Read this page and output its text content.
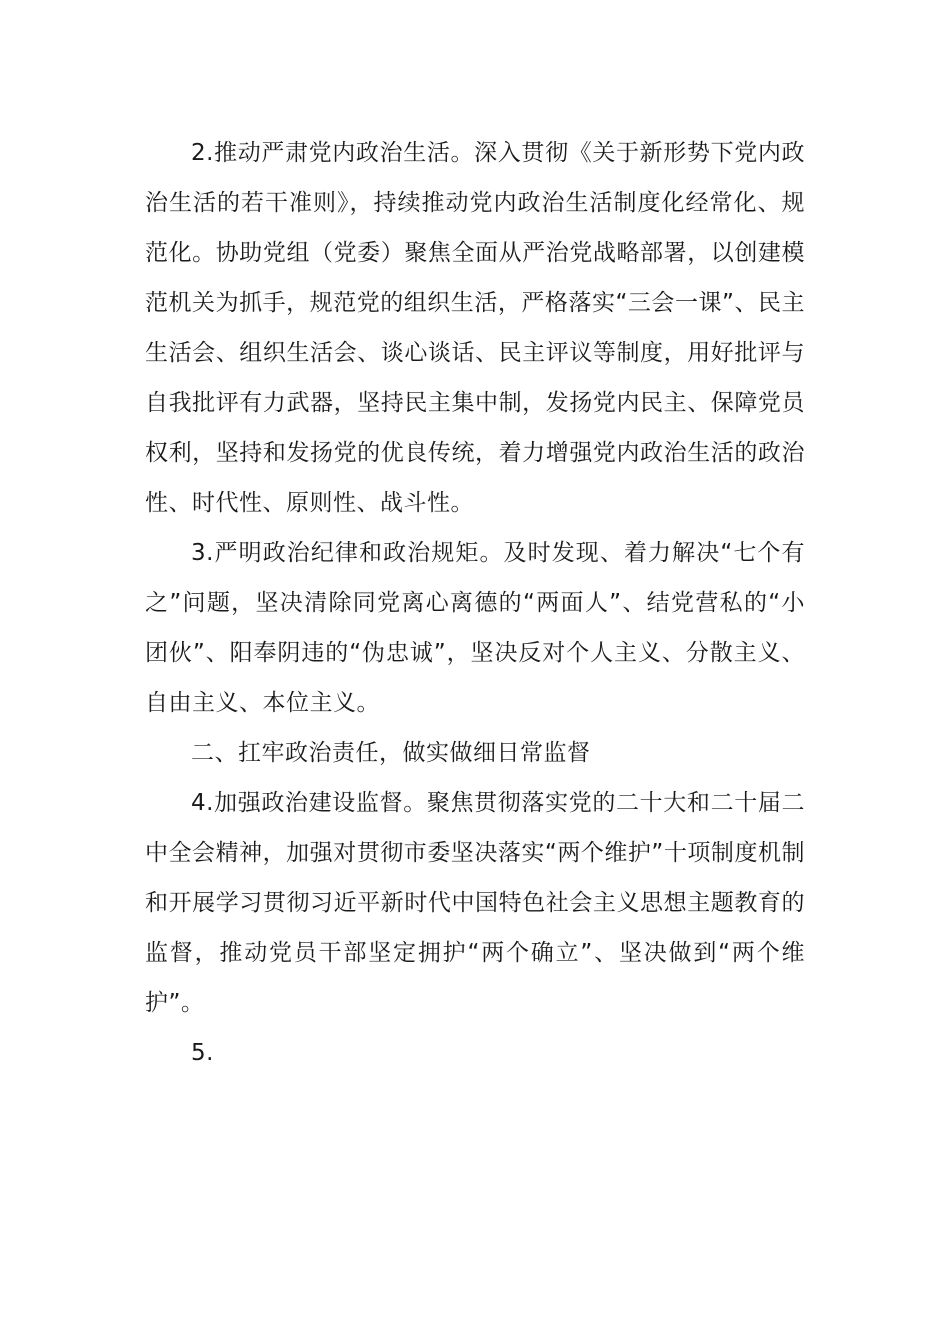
2.推动严肃党内政治生活。深入贯彻《关于新形势下党内政治生活的若干准则》，持续推动党内政治生活制度化经常化、规范化。协助党组（党委）聚焦全面从严治党战略部署，以创建模范机关为抓手，规范党的组织生活，严格落实“三会一课”、民主生活会、组织生活会、谈心谈话、民主评议等制度，用好批评与自我批评有力武器，坚持民主集中制，发扬党内民主、保障党员权利，坚持和发扬党的优良传统，着力增强党内政治生活的政治性、时代性、原则性、战斗性。

3.严明政治纪律和政治规矩。及时发现、着力解决“七个有之”问题，坚决清除同党离心离德的“两面人”、结党营私的“小团伙”、阳奉阴违的“伪忠诚”，坚决反对个人主义、分散主义、自由主义、本位主义。

二、扛牢政治责任，做实做细日常监督

4.加强政治建设监督。聚焦贯彻落实党的二十大和二十届二中全会精神，加强对贯彻市委坚决落实“两个维护”十项制度机制和开展学习贯彻习近平新时代中国特色社会主义思想主题教育的监督，推动党员干部坚定拥护“两个确立”、坚决做到“两个维护”。

5.
